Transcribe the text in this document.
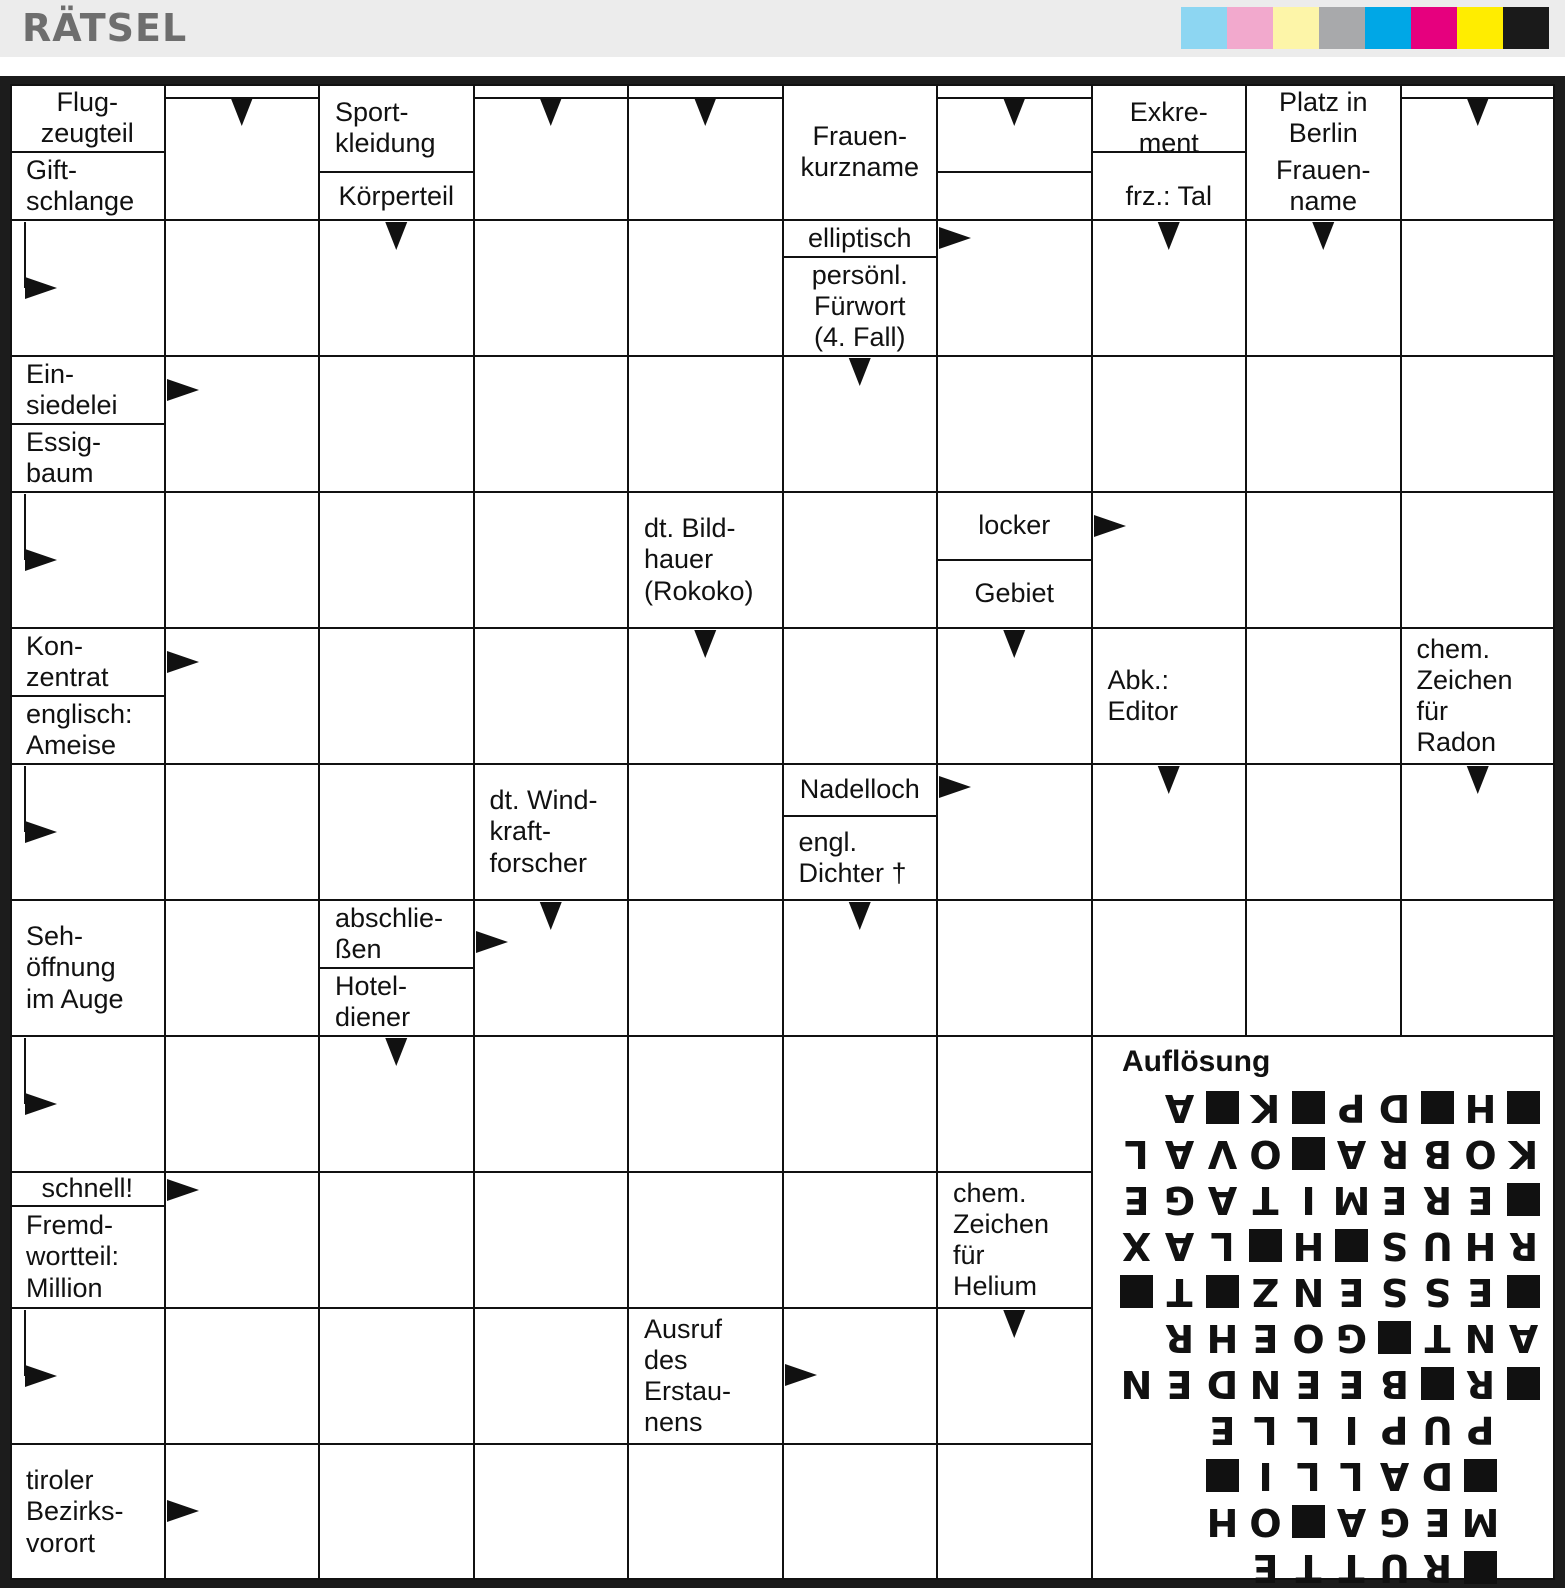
RÄTSEL
Flug-
zeugteil
Gift-
schlange
Sport-
kleidung
Körperteil
Frauen-
kurzname
Exkre-
ment
frz.: Tal
Platz in
Berlin
Frauen-
name
elliptisch
persönl.
Fürwort
(4. Fall)
Ein-
siedelei
Essig-
baum
dt. Bild-
hauer
(Rokoko)
locker
Gebiet
Kon-
zentrat
englisch:
Ameise
Abk.:
Editor
chem.
Zeichen
für
Radon
dt. Wind-
kraft-
forscher
Nadelloch
engl.
Dichter †
Seh-
öffnung
im Auge
abschlie-
ßen
Hotel-
diener
schnell!
Fremd-
wortteil:
Million
chem.
Zeichen
für
Helium
Ausruf
des
Erstau-
nens
tiroler
Bezirks-
vorort
Auflösung
R
U
T
T
E
M
E
G
A
O
H
D
A
L
L
I
P
U
P
I
L
L
E
R
B
E
E
N
D
E
N
A
N
T
G
O
E
H
R
E
S
S
E
N
Z
T
R
H
U
S
H
L
A
X
E
R
E
M
I
T
A
G
E
K
O
B
R
A
O
V
A
L
H
D
P
K
A
